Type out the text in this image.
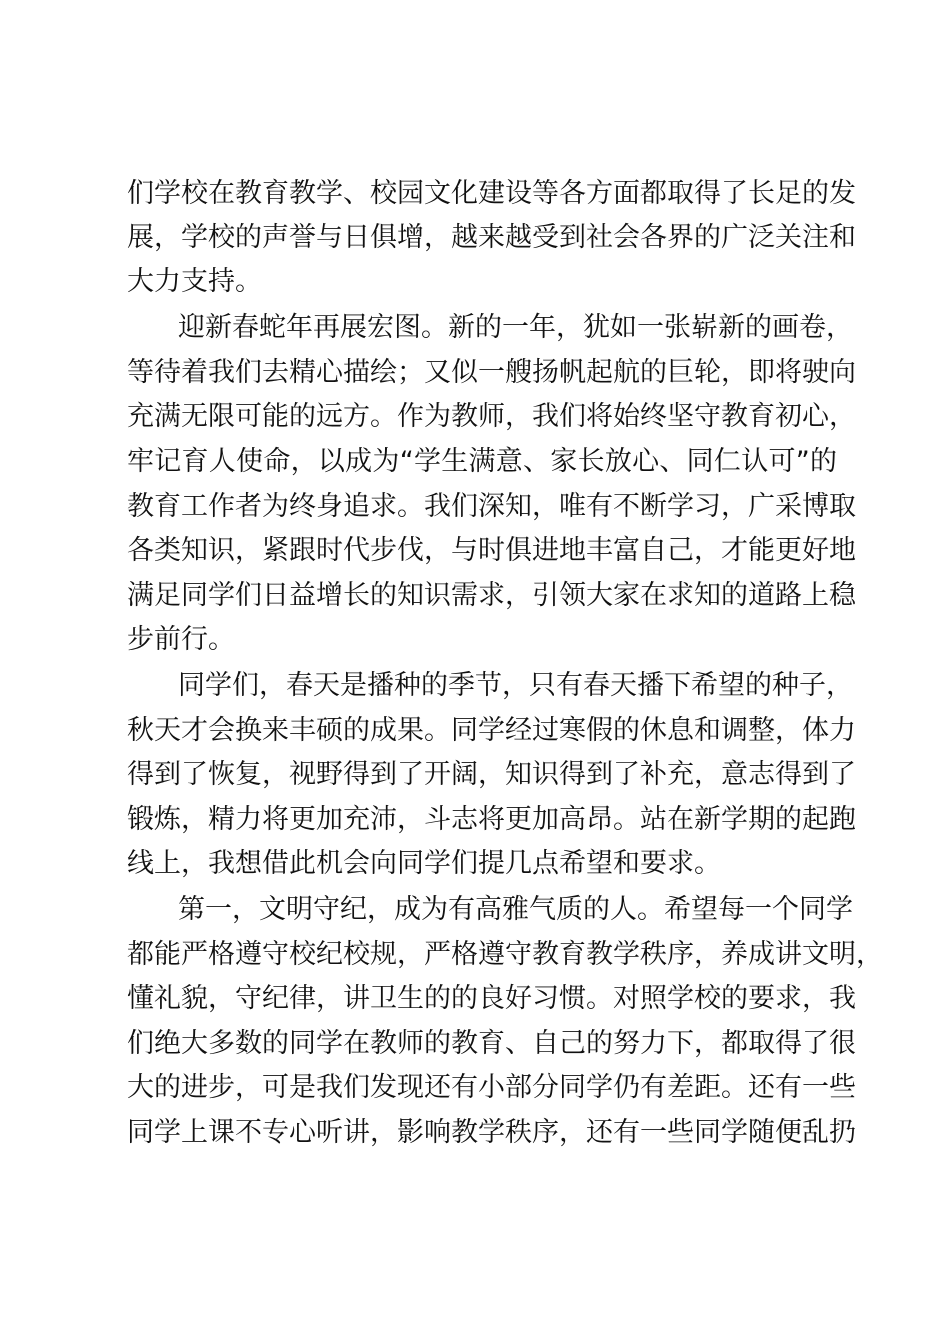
们学校在教育教学、校园文化建设等各方面都取得了长足的发
展，学校的声誉与日俱增，越来越受到社会各界的广泛关注和
大力支持。
迎新春蛇年再展宏图。新的一年，犹如一张崭新的画卷，
等待着我们去精心描绘；又似一艘扬帆起航的巨轮，即将驶向
充满无限可能的远方。作为教师，我们将始终坚守教育初心，
牢记育人使命，以成为“学生满意、家长放心、同仁认可”的
教育工作者为终身追求。我们深知，唯有不断学习，广采博取
各类知识，紧跟时代步伐，与时俱进地丰富自己，才能更好地
满足同学们日益增长的知识需求，引领大家在求知的道路上稳
步前行。
同学们，春天是播种的季节，只有春天播下希望的种子，
秋天才会换来丰硕的成果。同学经过寒假的休息和调整，体力
得到了恢复，视野得到了开阔，知识得到了补充，意志得到了
锻炼，精力将更加充沛，斗志将更加高昂。站在新学期的起跑
线上，我想借此机会向同学们提几点希望和要求。
第一，文明守纪，成为有高雅气质的人。希望每一个同学
都能严格遵守校纪校规，严格遵守教育教学秩序，养成讲文明，
懂礼貌，守纪律，讲卫生的的良好习惯。对照学校的要求，我
们绝大多数的同学在教师的教育、自己的努力下，都取得了很
大的进步，可是我们发现还有小部分同学仍有差距。还有一些
同学上课不专心听讲，影响教学秩序，还有一些同学随便乱扔
